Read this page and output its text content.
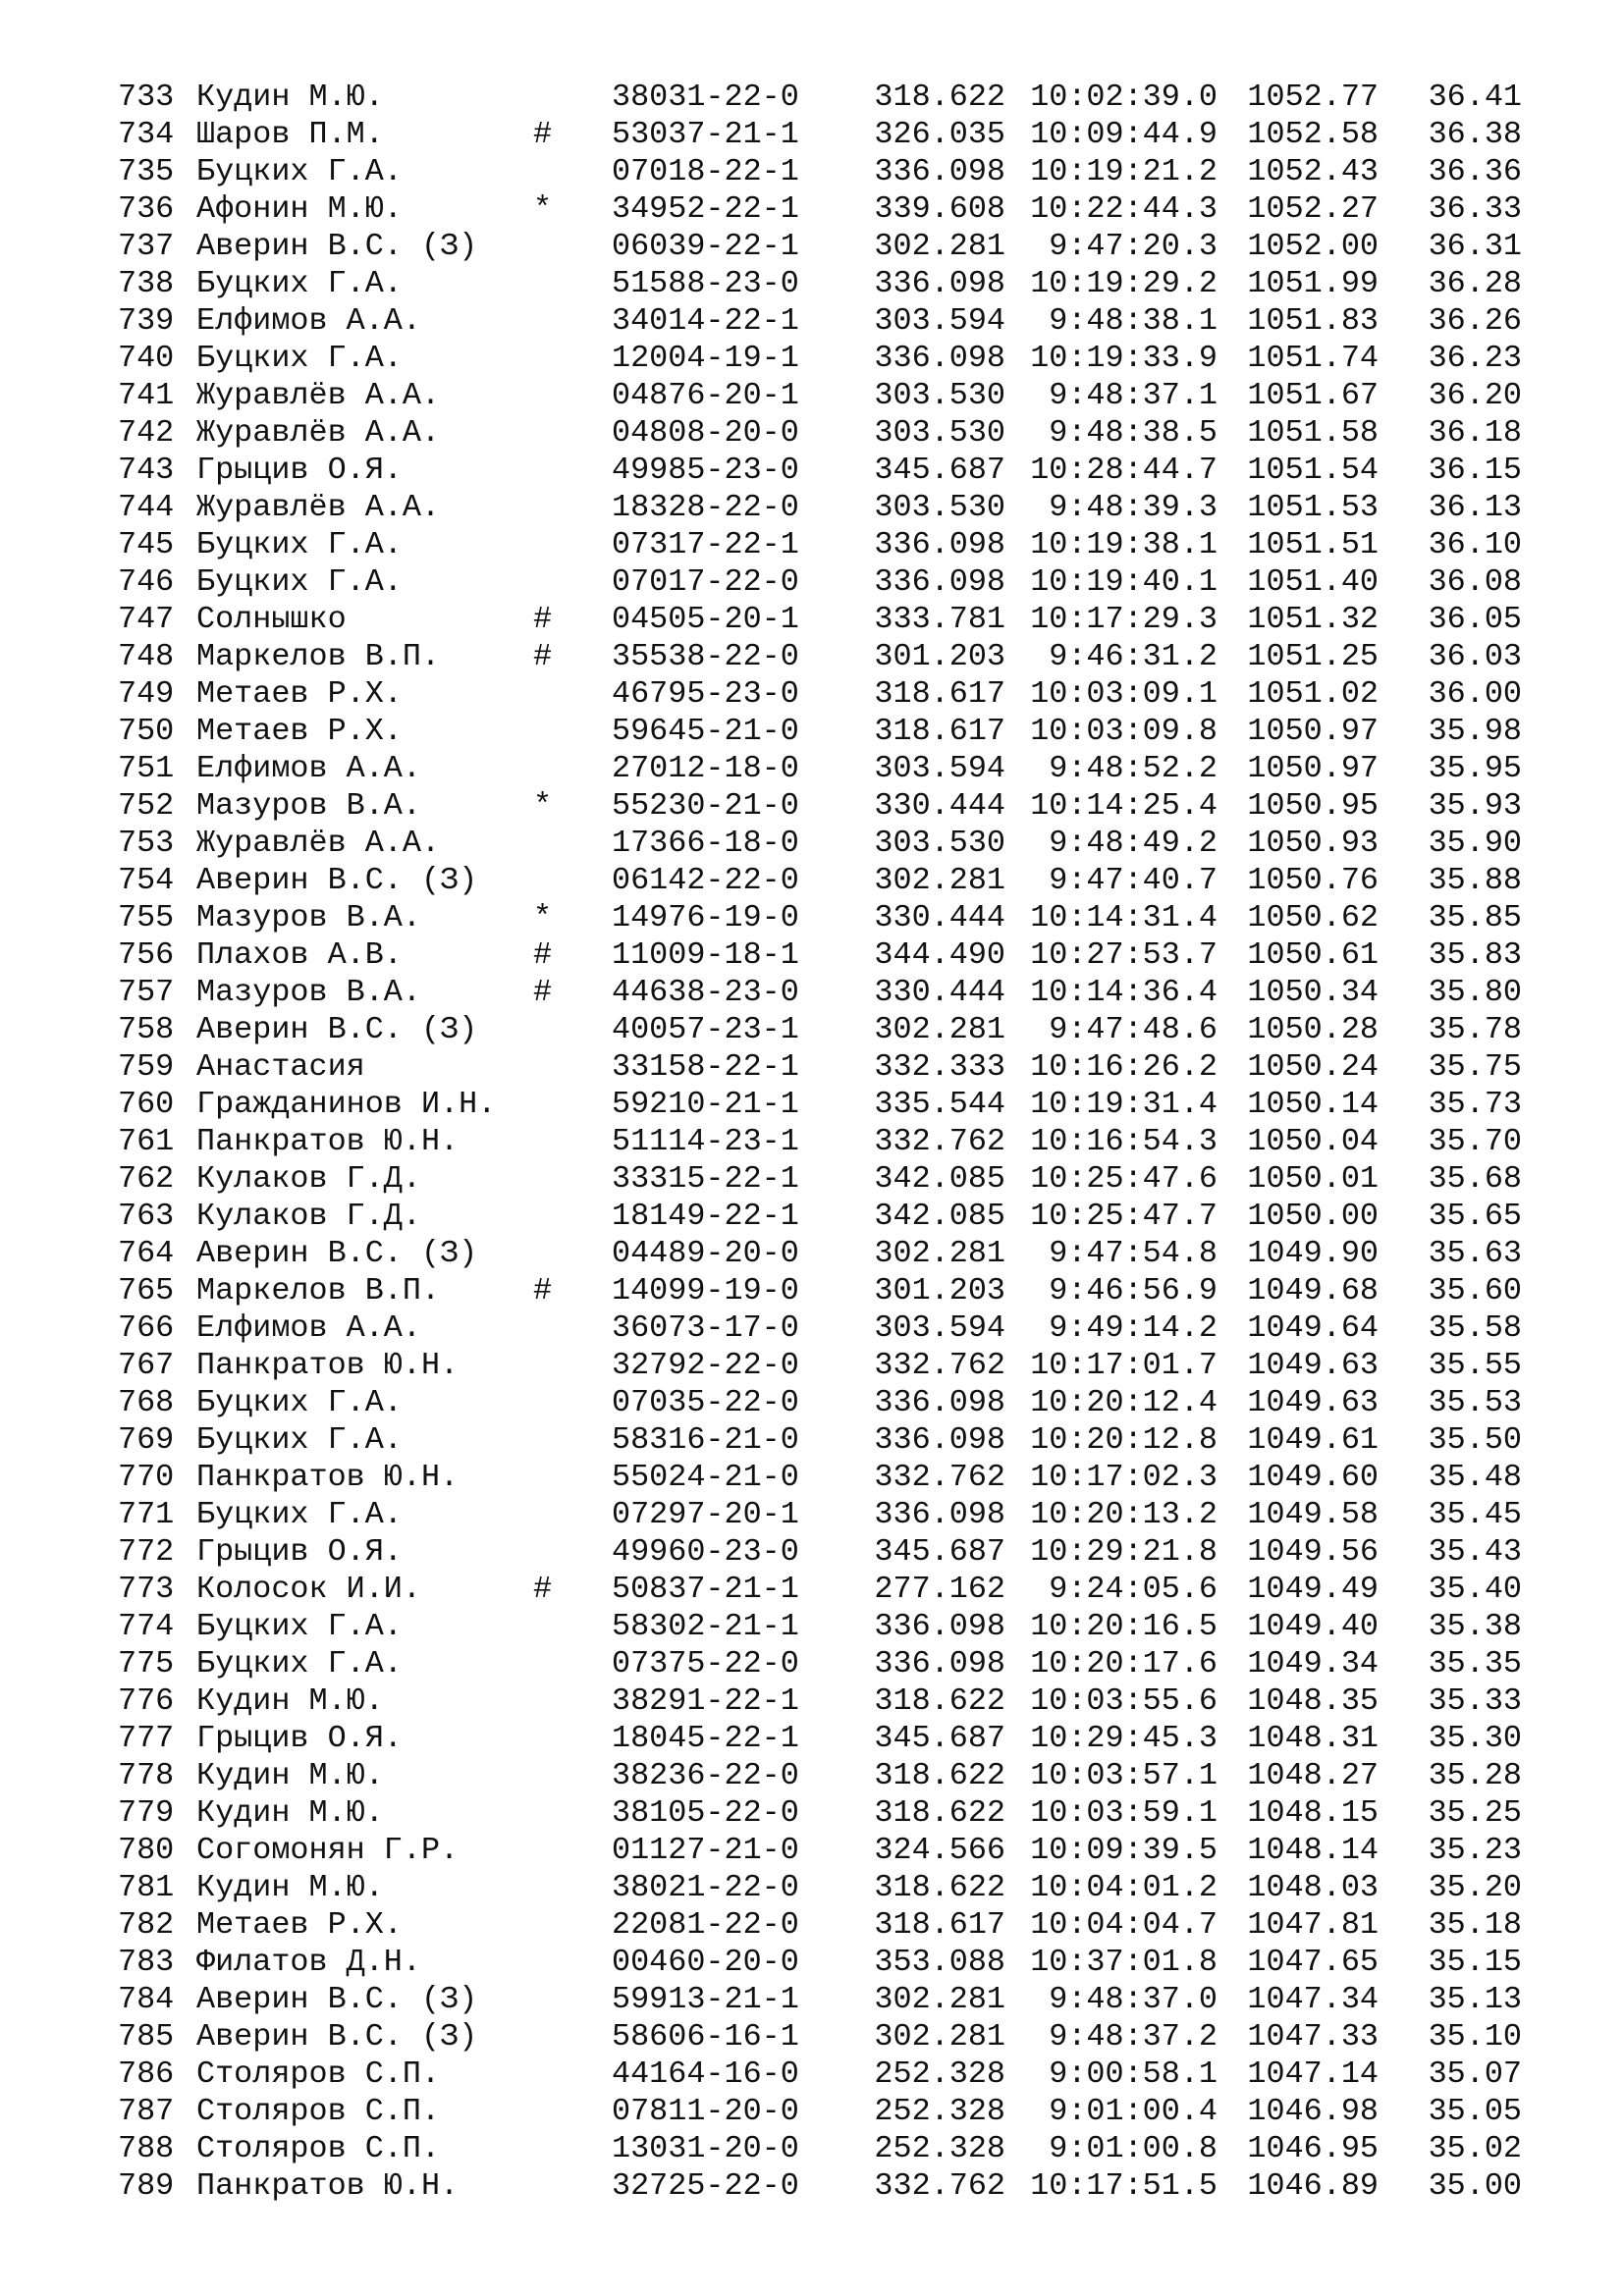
733 Кудин М.Ю.	38031-22-0 318.622 10:02:39.0 1052.77	36.41
734 Шаров П.М.	# 53037-21-1 326.035 10:09:44.9 1052.58	36.38
735 Буцких Г.А.	07018-22-1 336.098 10:19:21.2 1052.43	36.36
736 Афонин М.Ю.	* 34952-22-1 339.608 10:22:44.3 1052.27	36.33
737 Аверин В.С. (З)	06039-22-1 302.281	9:47:20.3 1052.00	36.31
738 Буцких Г.А.	51588-23-0 336.098 10:19:29.2 1051.99	36.28
739 Елфимов А.А.	34014-22-1 303.594	9:48:38.1 1051.83	36.26
740 Буцких Г.А.	12004-19-1 336.098 10:19:33.9 1051.74	36.23
741 Журавлёв А.А.	04876-20-1 303.530	9:48:37.1 1051.67	36.20
742 Журавлёв А.А.	04808-20-0 303.530	9:48:38.5 1051.58	36.18
743 Грыцив О.Я.	49985-23-0 345.687 10:28:44.7 1051.54	36.15
744 Журавлёв А.А.	18328-22-0 303.530	9:48:39.3 1051.53	36.13
745 Буцких Г.А.	07317-22-1 336.098 10:19:38.1 1051.51	36.10
746 Буцких Г.А.	07017-22-0 336.098 10:19:40.1 1051.40	36.08
747 Солнышко	# 04505-20-1 333.781 10:17:29.3 1051.32	36.05
748 Маркелов В.П.	# 35538-22-0 301.203	9:46:31.2 1051.25	36.03
749 Метаев Р.Х.	46795-23-0 318.617 10:03:09.1 1051.02	36.00
750 Метаев Р.Х.	59645-21-0 318.617 10:03:09.8 1050.97	35.98
751 Елфимов А.А.	27012-18-0 303.594	9:48:52.2 1050.97	35.95
752 Мазуров В.А.	* 55230-21-0 330.444 10:14:25.4 1050.95	35.93
753 Журавлёв А.А.	17366-18-0 303.530	9:48:49.2 1050.93	35.90
754 Аверин В.С. (З)	06142-22-0 302.281	9:47:40.7 1050.76	35.88
755 Мазуров В.А.	* 14976-19-0 330.444 10:14:31.4 1050.62	35.85
756 Плахов А.В.	# 11009-18-1 344.490 10:27:53.7 1050.61	35.83
757 Мазуров В.А.	# 44638-23-0 330.444 10:14:36.4 1050.34	35.80
758 Аверин В.С. (З)	40057-23-1 302.281	9:47:48.6 1050.28	35.78
759 Анастасия	33158-22-1 332.333 10:16:26.2 1050.24	35.75
760 Гражданинов И.Н.	59210-21-1 335.544 10:19:31.4 1050.14	35.73
761 Панкратов Ю.Н.	51114-23-1 332.762 10:16:54.3 1050.04	35.70
762 Кулаков Г.Д.	33315-22-1 342.085 10:25:47.6 1050.01	35.68
763 Кулаков Г.Д.	18149-22-1 342.085 10:25:47.7 1050.00	35.65
764 Аверин В.С. (З)	04489-20-0 302.281	9:47:54.8 1049.90	35.63
765 Маркелов В.П.	# 14099-19-0 301.203	9:46:56.9 1049.68	35.60
766 Елфимов А.А.	36073-17-0 303.594	9:49:14.2 1049.64	35.58
767 Панкратов Ю.Н.	32792-22-0 332.762 10:17:01.7 1049.63	35.55
768 Буцких Г.А.	07035-22-0 336.098 10:20:12.4 1049.63	35.53
769 Буцких Г.А.	58316-21-0 336.098 10:20:12.8 1049.61	35.50
770 Панкратов Ю.Н.	55024-21-0 332.762 10:17:02.3 1049.60	35.48
771 Буцких Г.А.	07297-20-1 336.098 10:20:13.2 1049.58	35.45
772 Грыцив О.Я.	49960-23-0 345.687 10:29:21.8 1049.56	35.43
773 Колосок И.И.	# 50837-21-1 277.162	9:24:05.6 1049.49	35.40
774 Буцких Г.А.	58302-21-1 336.098 10:20:16.5 1049.40	35.38
775 Буцких Г.А.	07375-22-0 336.098 10:20:17.6 1049.34	35.35
776 Кудин М.Ю.	38291-22-1 318.622 10:03:55.6 1048.35	35.33
777 Грыцив О.Я.	18045-22-1 345.687 10:29:45.3 1048.31	35.30
778 Кудин М.Ю.	38236-22-0 318.622 10:03:57.1 1048.27	35.28
779 Кудин М.Ю.	38105-22-0 318.622 10:03:59.1 1048.15	35.25
780 Согомонян Г.Р.	01127-21-0 324.566 10:09:39.5 1048.14	35.23
781 Кудин М.Ю.	38021-22-0 318.622 10:04:01.2 1048.03	35.20
782 Метаев Р.Х.	22081-22-0 318.617 10:04:04.7 1047.81	35.18
783 Филатов Д.Н.	00460-20-0 353.088 10:37:01.8 1047.65	35.15
784 Аверин В.С. (З)	59913-21-1 302.281	9:48:37.0 1047.34	35.13
785 Аверин В.С. (З)	58606-16-1 302.281	9:48:37.2 1047.33	35.10
786 Столяров С.П.	44164-16-0 252.328	9:00:58.1 1047.14	35.07
787 Столяров С.П.	07811-20-0 252.328	9:01:00.4 1046.98	35.05
788 Столяров С.П.	13031-20-0 252.328	9:01:00.8 1046.95	35.02
789 Панкратов Ю.Н.	32725-22-0 332.762 10:17:51.5 1046.89	35.00
